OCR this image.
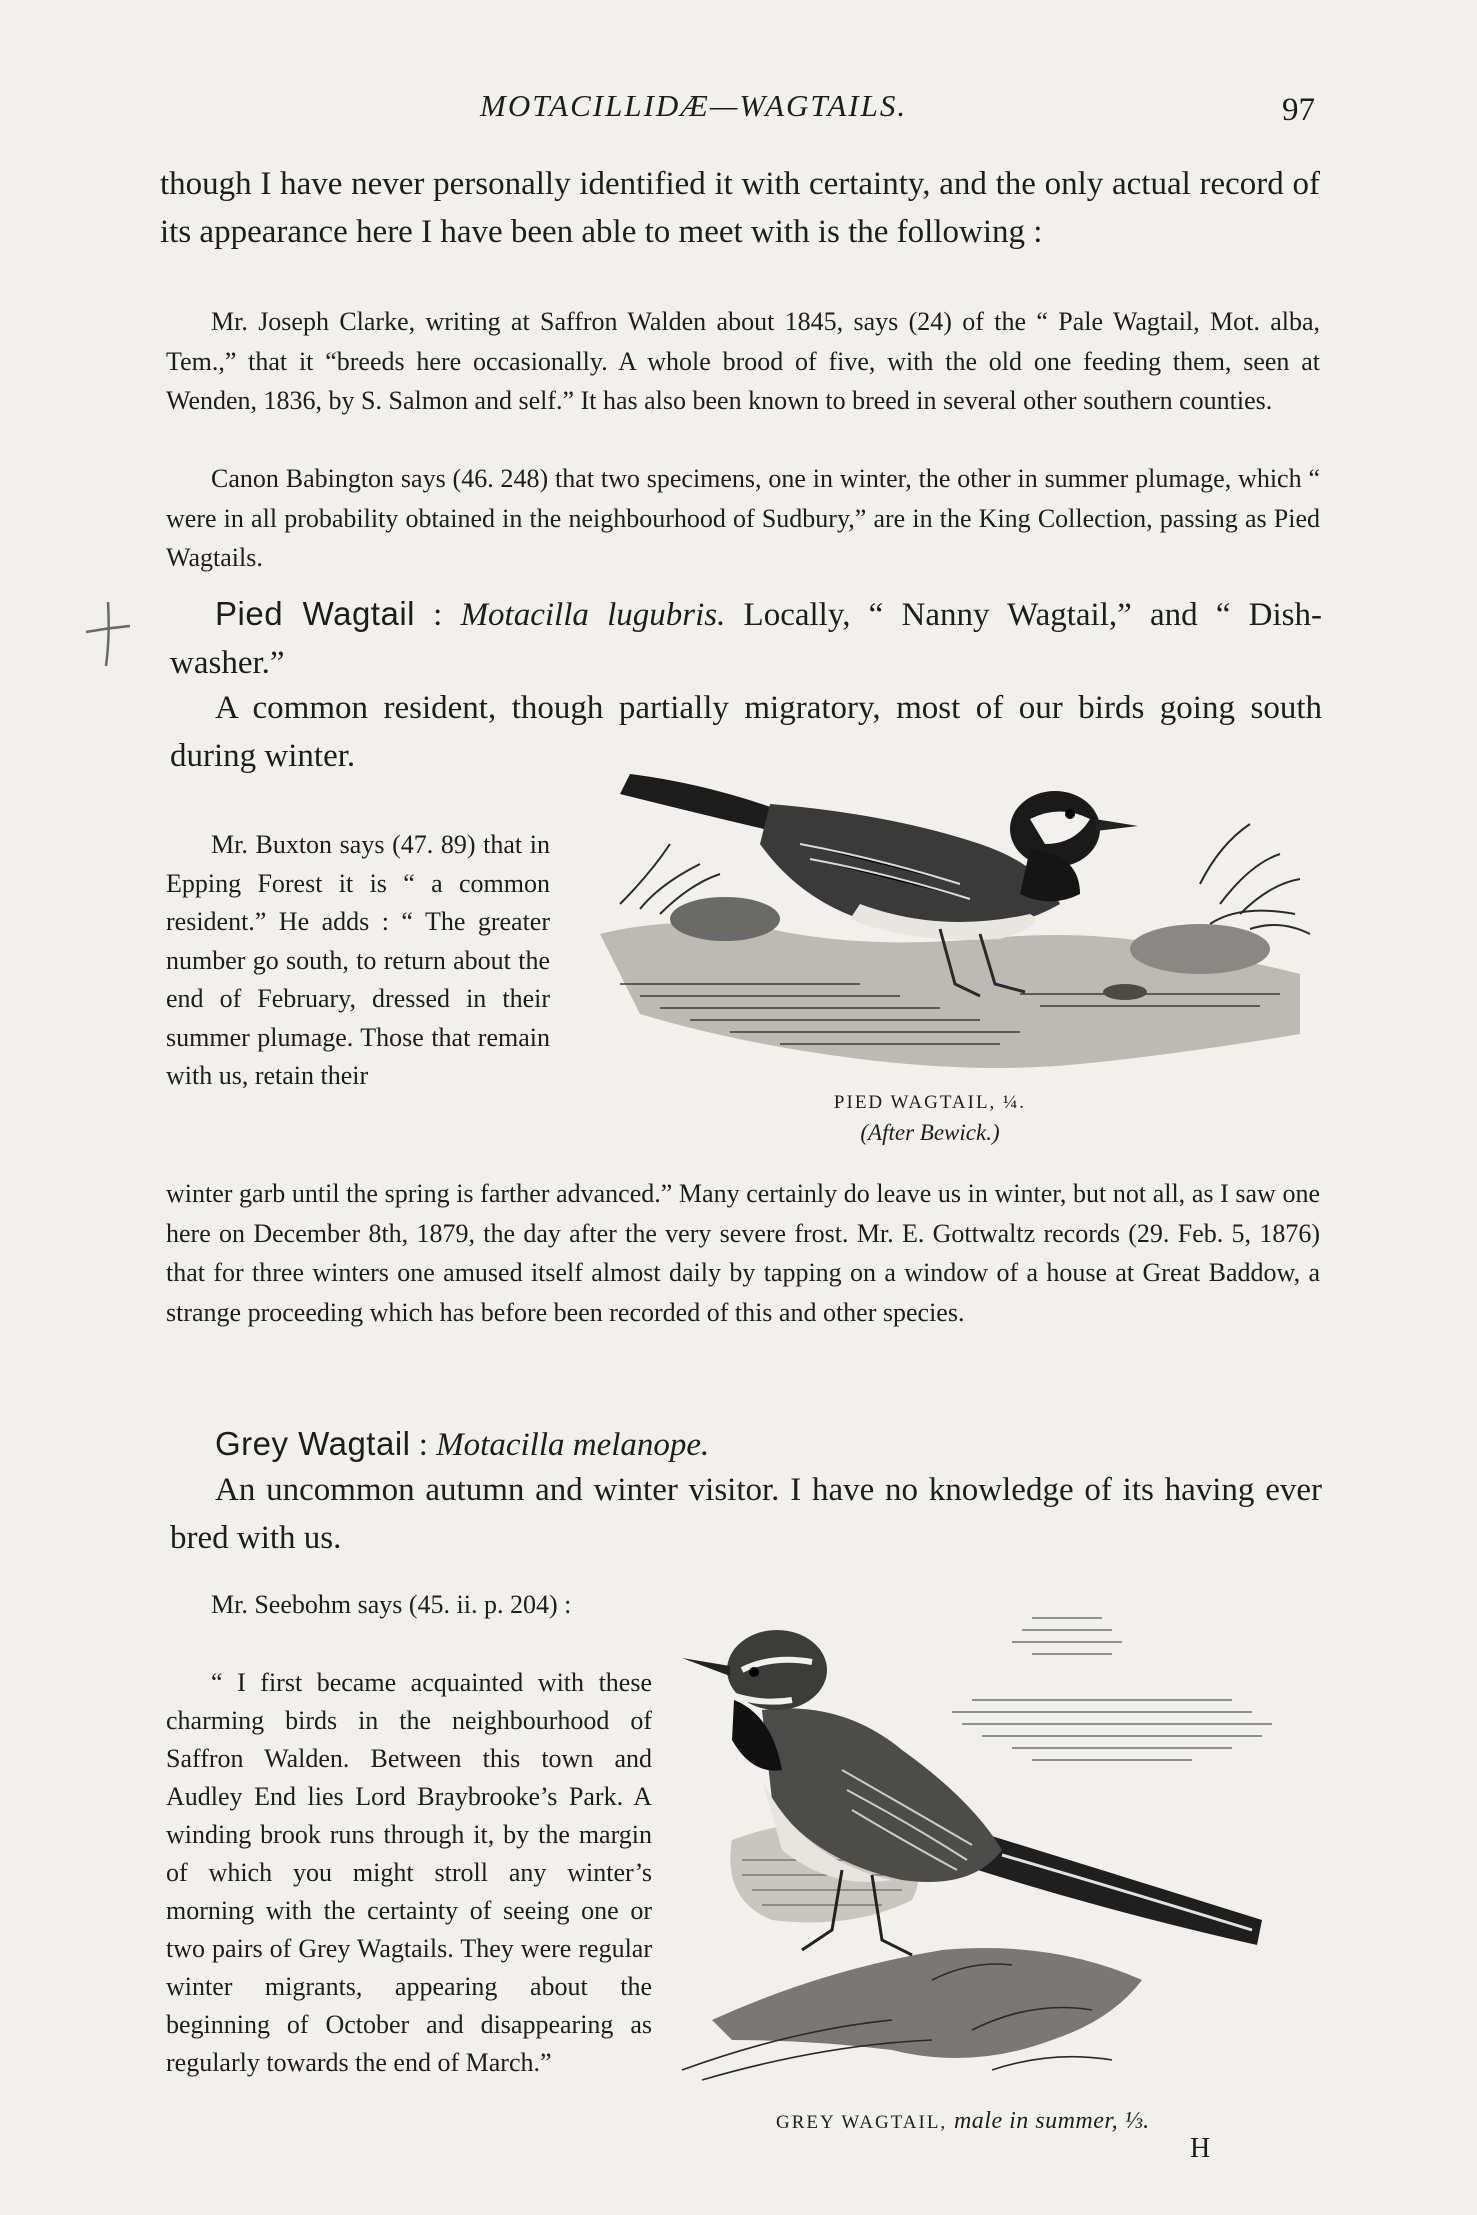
MOTACILLIDÆ—WAGTAILS.	97

though I have never personally identified it with certainty, and the only actual record of its appearance here I have been able to meet with is the following :

Mr. Joseph Clarke, writing at Saffron Walden about 1845, says (24) of the “ Pale Wagtail, Mot. alba, Tem.,” that it “breeds here occasionally. A whole brood of five, with the old one feeding them, seen at Wenden, 1836, by S. Salmon and self.” It has also been known to breed in several other southern counties.

Canon Babington says (46. 248) that two specimens, one in winter, the other in summer plumage, which “ were in all probability obtained in the neighbourhood of Sudbury,” are in the King Collection, passing as Pied Wagtails.

Pied Wagtail : Motacilla lugubris. Locally, “ Nanny Wagtail,” and “ Dish-washer.”

A common resident, though partially migratory, most of our birds going south during winter.

PIED WAGTAIL, ¼.
(After Bewick.)

Mr. Buxton says (47. 89) that in Epping Forest it is “ a common resident.” He adds : “ The greater number go south, to return about the end of February, dressed in their summer plumage. Those that remain with us, retain their

winter garb until the spring is farther advanced.” Many certainly do leave us in winter, but not all, as I saw one here on December 8th, 1879, the day after the very severe frost. Mr. E. Gottwaltz records (29. Feb. 5, 1876) that for three winters one amused itself almost daily by tapping on a window of a house at Great Baddow, a strange proceeding which has before been recorded of this and other species.

Grey Wagtail : Motacilla melanope.

An uncommon autumn and winter visitor. I have no knowledge of its having ever bred with us.

Mr. Seebohm says (45. ii. p. 204) :

“ I first became acquainted with these charming birds in the neighbourhood of Saffron Walden. Between this town and Audley End lies Lord Braybrooke’s Park. A winding brook runs through it, by the margin of which you might stroll any winter’s morning with the certainty of seeing one or two pairs of Grey Wagtails. They were regular winter migrants, appearing about the beginning of October and disappearing as regularly towards the end of March.”

GREY WAGTAIL, male in summer, ⅓.
H
